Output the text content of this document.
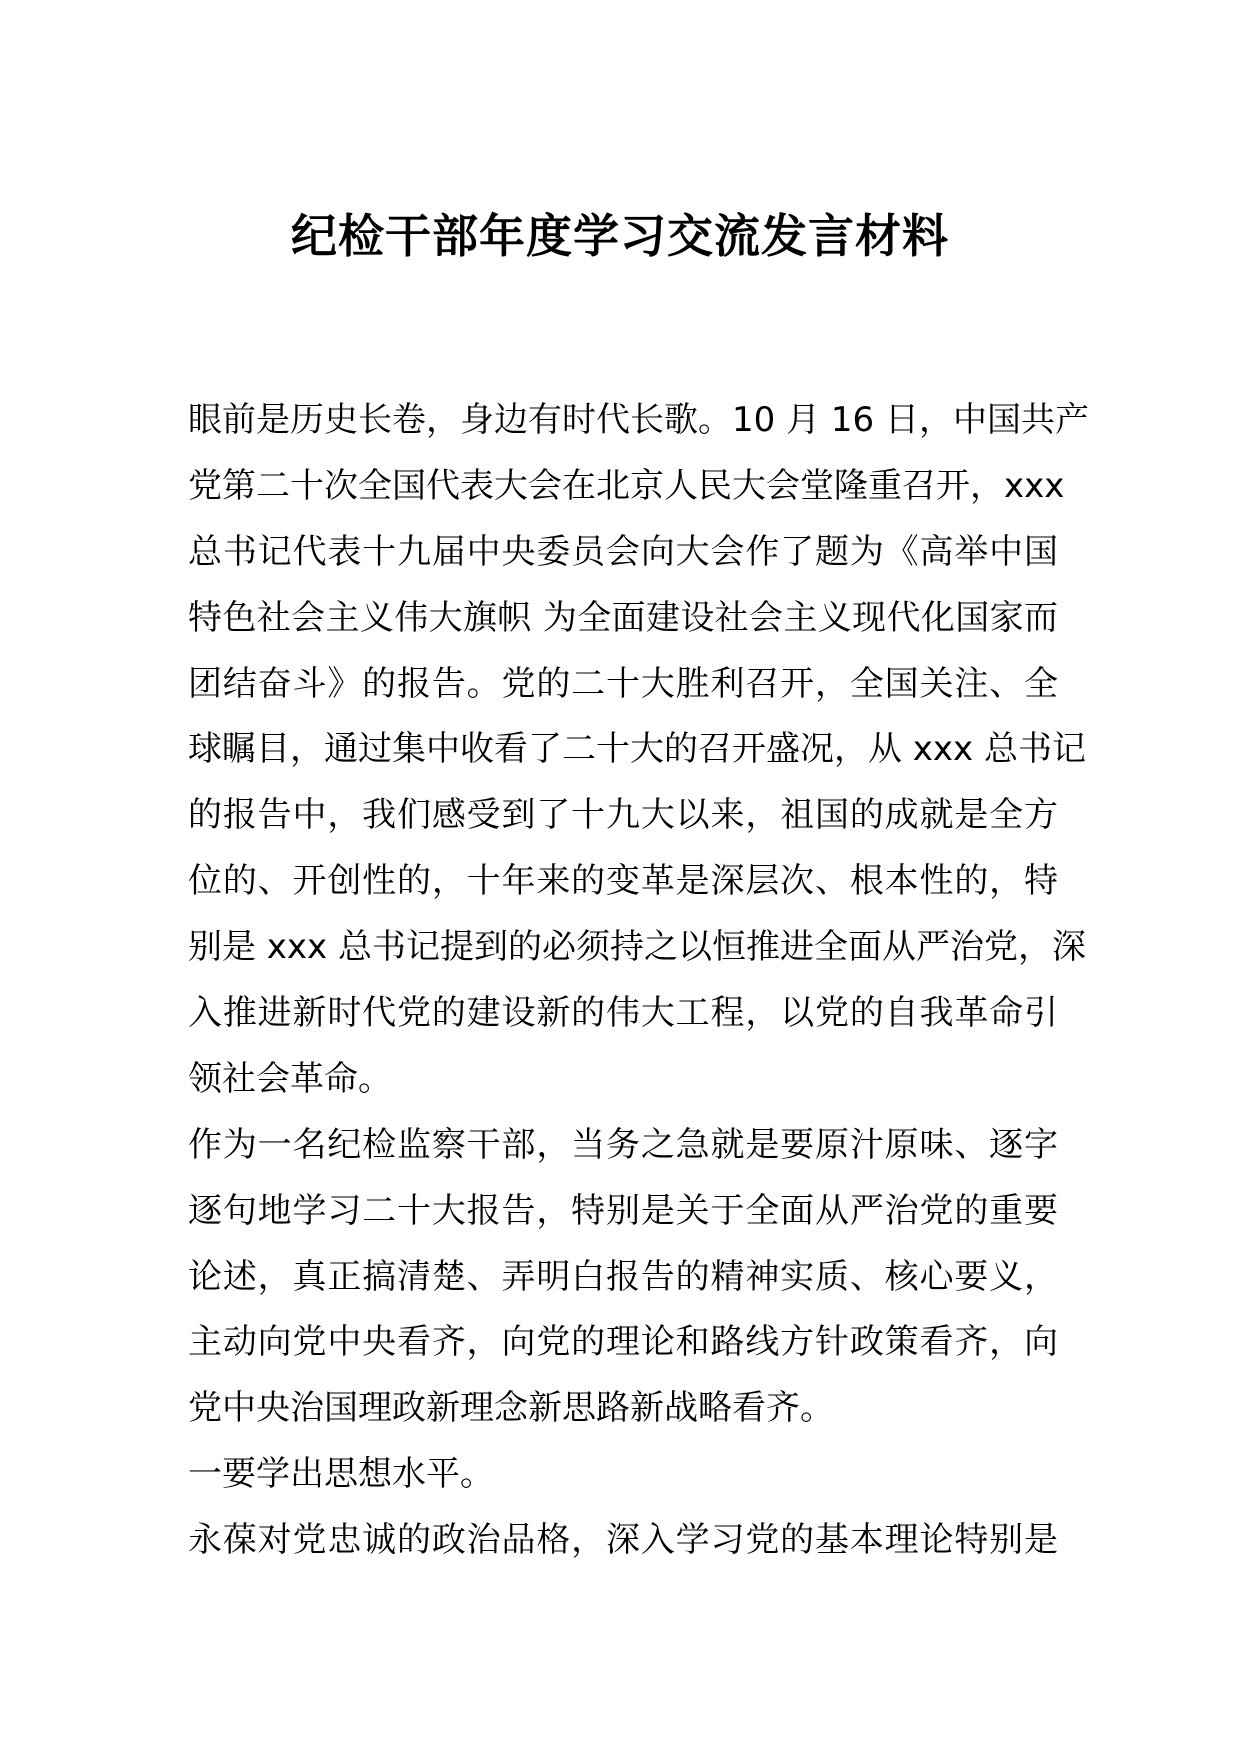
纪检干部年度学习交流发言材料
眼前是历史长卷，身边有时代长歌。10 月 16 日，中国共产
党第二十次全国代表大会在北京人民大会堂隆重召开，xxx
总书记代表十九届中央委员会向大会作了题为《高举中国
特色社会主义伟大旗帜 为全面建设社会主义现代化国家而
团结奋斗》的报告。党的二十大胜利召开，全国关注、全
球瞩目，通过集中收看了二十大的召开盛况，从 xxx 总书记
的报告中，我们感受到了十九大以来，祖国的成就是全方
位的、开创性的，十年来的变革是深层次、根本性的，特
别是 xxx 总书记提到的必须持之以恒推进全面从严治党，深
入推进新时代党的建设新的伟大工程，以党的自我革命引
领社会革命。
作为一名纪检监察干部，当务之急就是要原汁原味、逐字
逐句地学习二十大报告，特别是关于全面从严治党的重要
论述，真正搞清楚、弄明白报告的精神实质、核心要义，
主动向党中央看齐，向党的理论和路线方针政策看齐，向
党中央治国理政新理念新思路新战略看齐。
一要学出思想水平。
永葆对党忠诚的政治品格，深入学习党的基本理论特别是
